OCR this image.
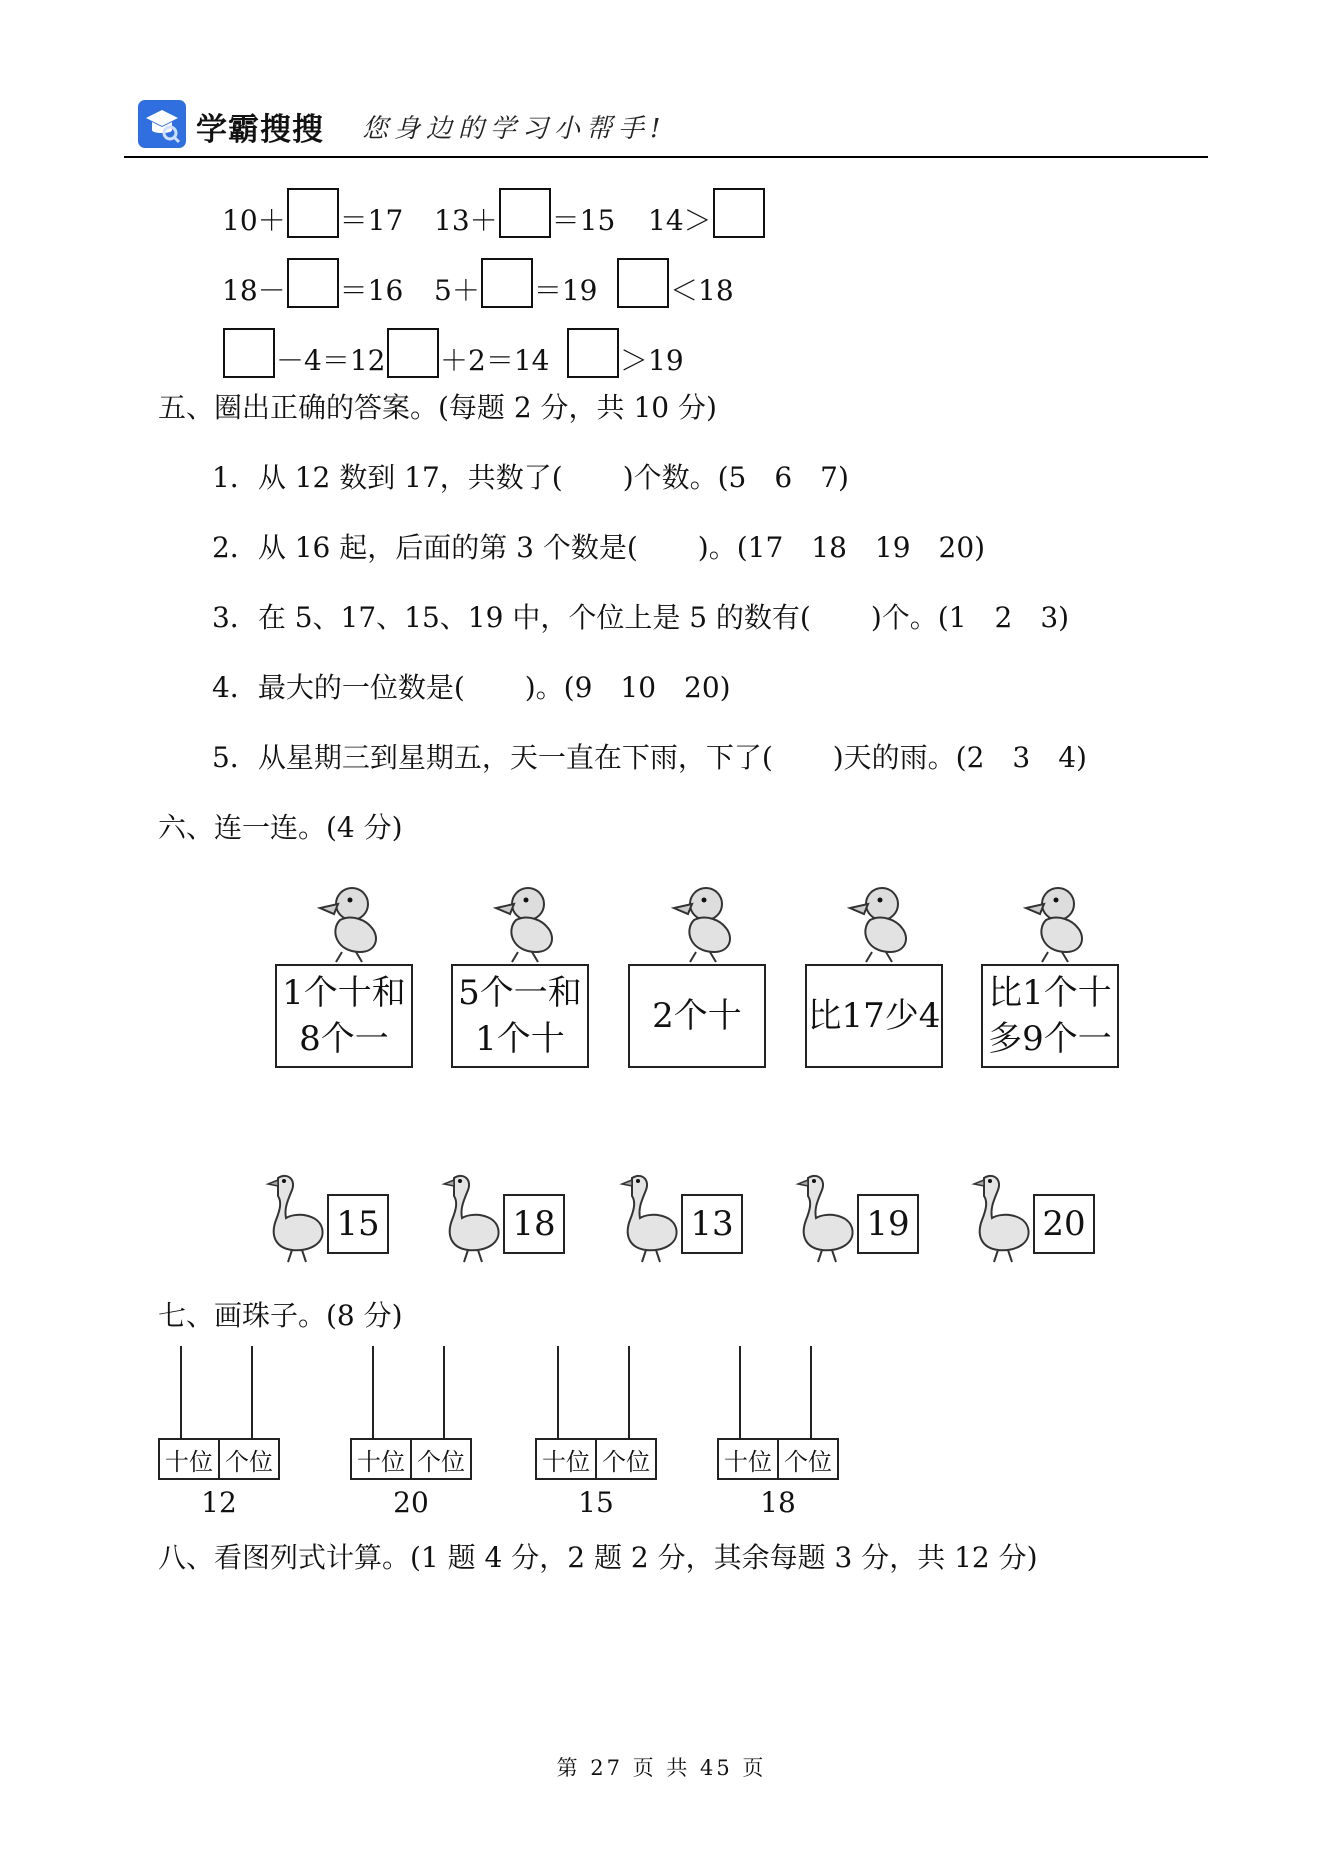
学霸搜搜 您身边的学习小帮手!
10＋ ＝17 13＋ ＝15 14＞
18－ ＝16 5＋ ＝19	＜18
－4＝12	＋2＝14	＞19
五、圈出正确的答案。(每题 2 分，共 10 分)
1．从 12 数到 17，共数了( )个数。(5　6　7)
2．从 16 起，后面的第 3 个数是( )。(17　18　19　20)
3．在 5、17、15、19 中，个位上是 5 的数有( )个。(1　2　3)
4．最大的一位数是( )。(9　10　20)
5．从星期三到星期五，天一直在下雨，下了( )天的雨。(2　3　4)
六、连一连。(4 分)
1个十和
8个一
5个一和
1个十
2个十 比17少4
比1个十
多9个一
15	18	13	19	20
七、画珠子。(8 分)
十位 个位
12
十位 个位
20
十位 个位
15
十位 个位
18
八、看图列式计算。(1 题 4 分，2 题 2 分，其余每题 3 分，共 12 分)
第 27 页 共 45 页
